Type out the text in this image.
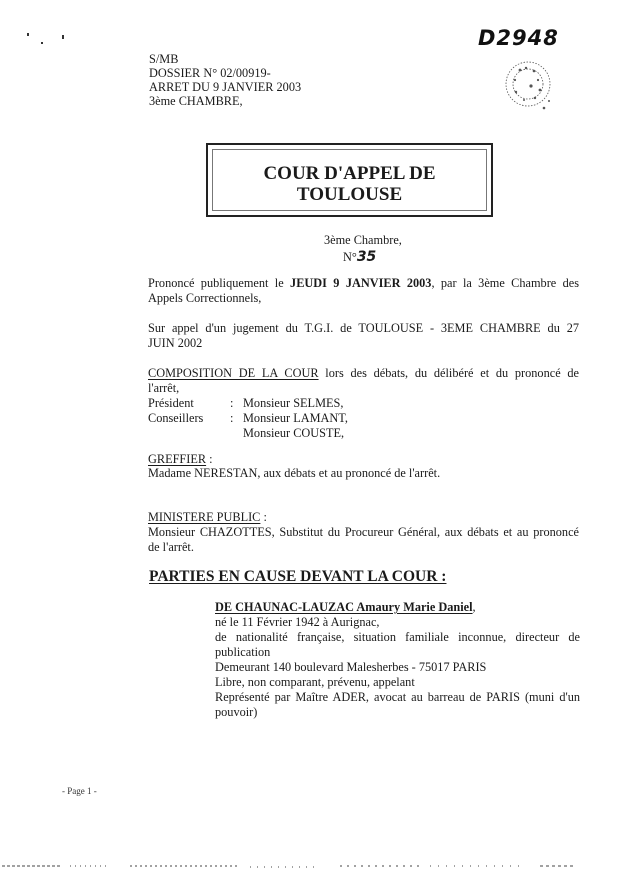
D2948
S/MB
DOSSIER N° 02/00919-
ARRET DU 9 JANVIER 2003
3ème CHAMBRE,
COUR D'APPEL DE
TOULOUSE
3ème Chambre,
N°35
Prononcé publiquement le JEUDI 9 JANVIER 2003, par la 3ème Chambre des
Appels Correctionnels,
Sur appel d'un jugement du T.G.I. de TOULOUSE - 3EME CHAMBRE du 27
JUIN 2002
COMPOSITION DE LA COUR lors des débats, du délibéré et du prononcé de
l'arrêt,
Président	: Monsieur SELMES,
Conseillers : Monsieur LAMANT,
Monsieur COUSTE,
GREFFIER :
Madame NERESTAN, aux débats et au prononcé de l'arrêt.
MINISTERE PUBLIC :
Monsieur CHAZOTTES, Substitut du Procureur Général, aux débats et au prononcé
de l'arrêt.
PARTIES EN CAUSE DEVANT LA COUR :
DE CHAUNAC-LAUZAC Amaury Marie Daniel,
né le 11 Février 1942 à Aurignac,
de nationalité française, situation familiale inconnue, directeur de
publication
Demeurant 140 boulevard Malesherbes - 75017 PARIS
Libre, non comparant, prévenu, appelant
Représenté par Maître ADER, avocat au barreau de PARIS (muni d'un
pouvoir)
- Page 1 -
